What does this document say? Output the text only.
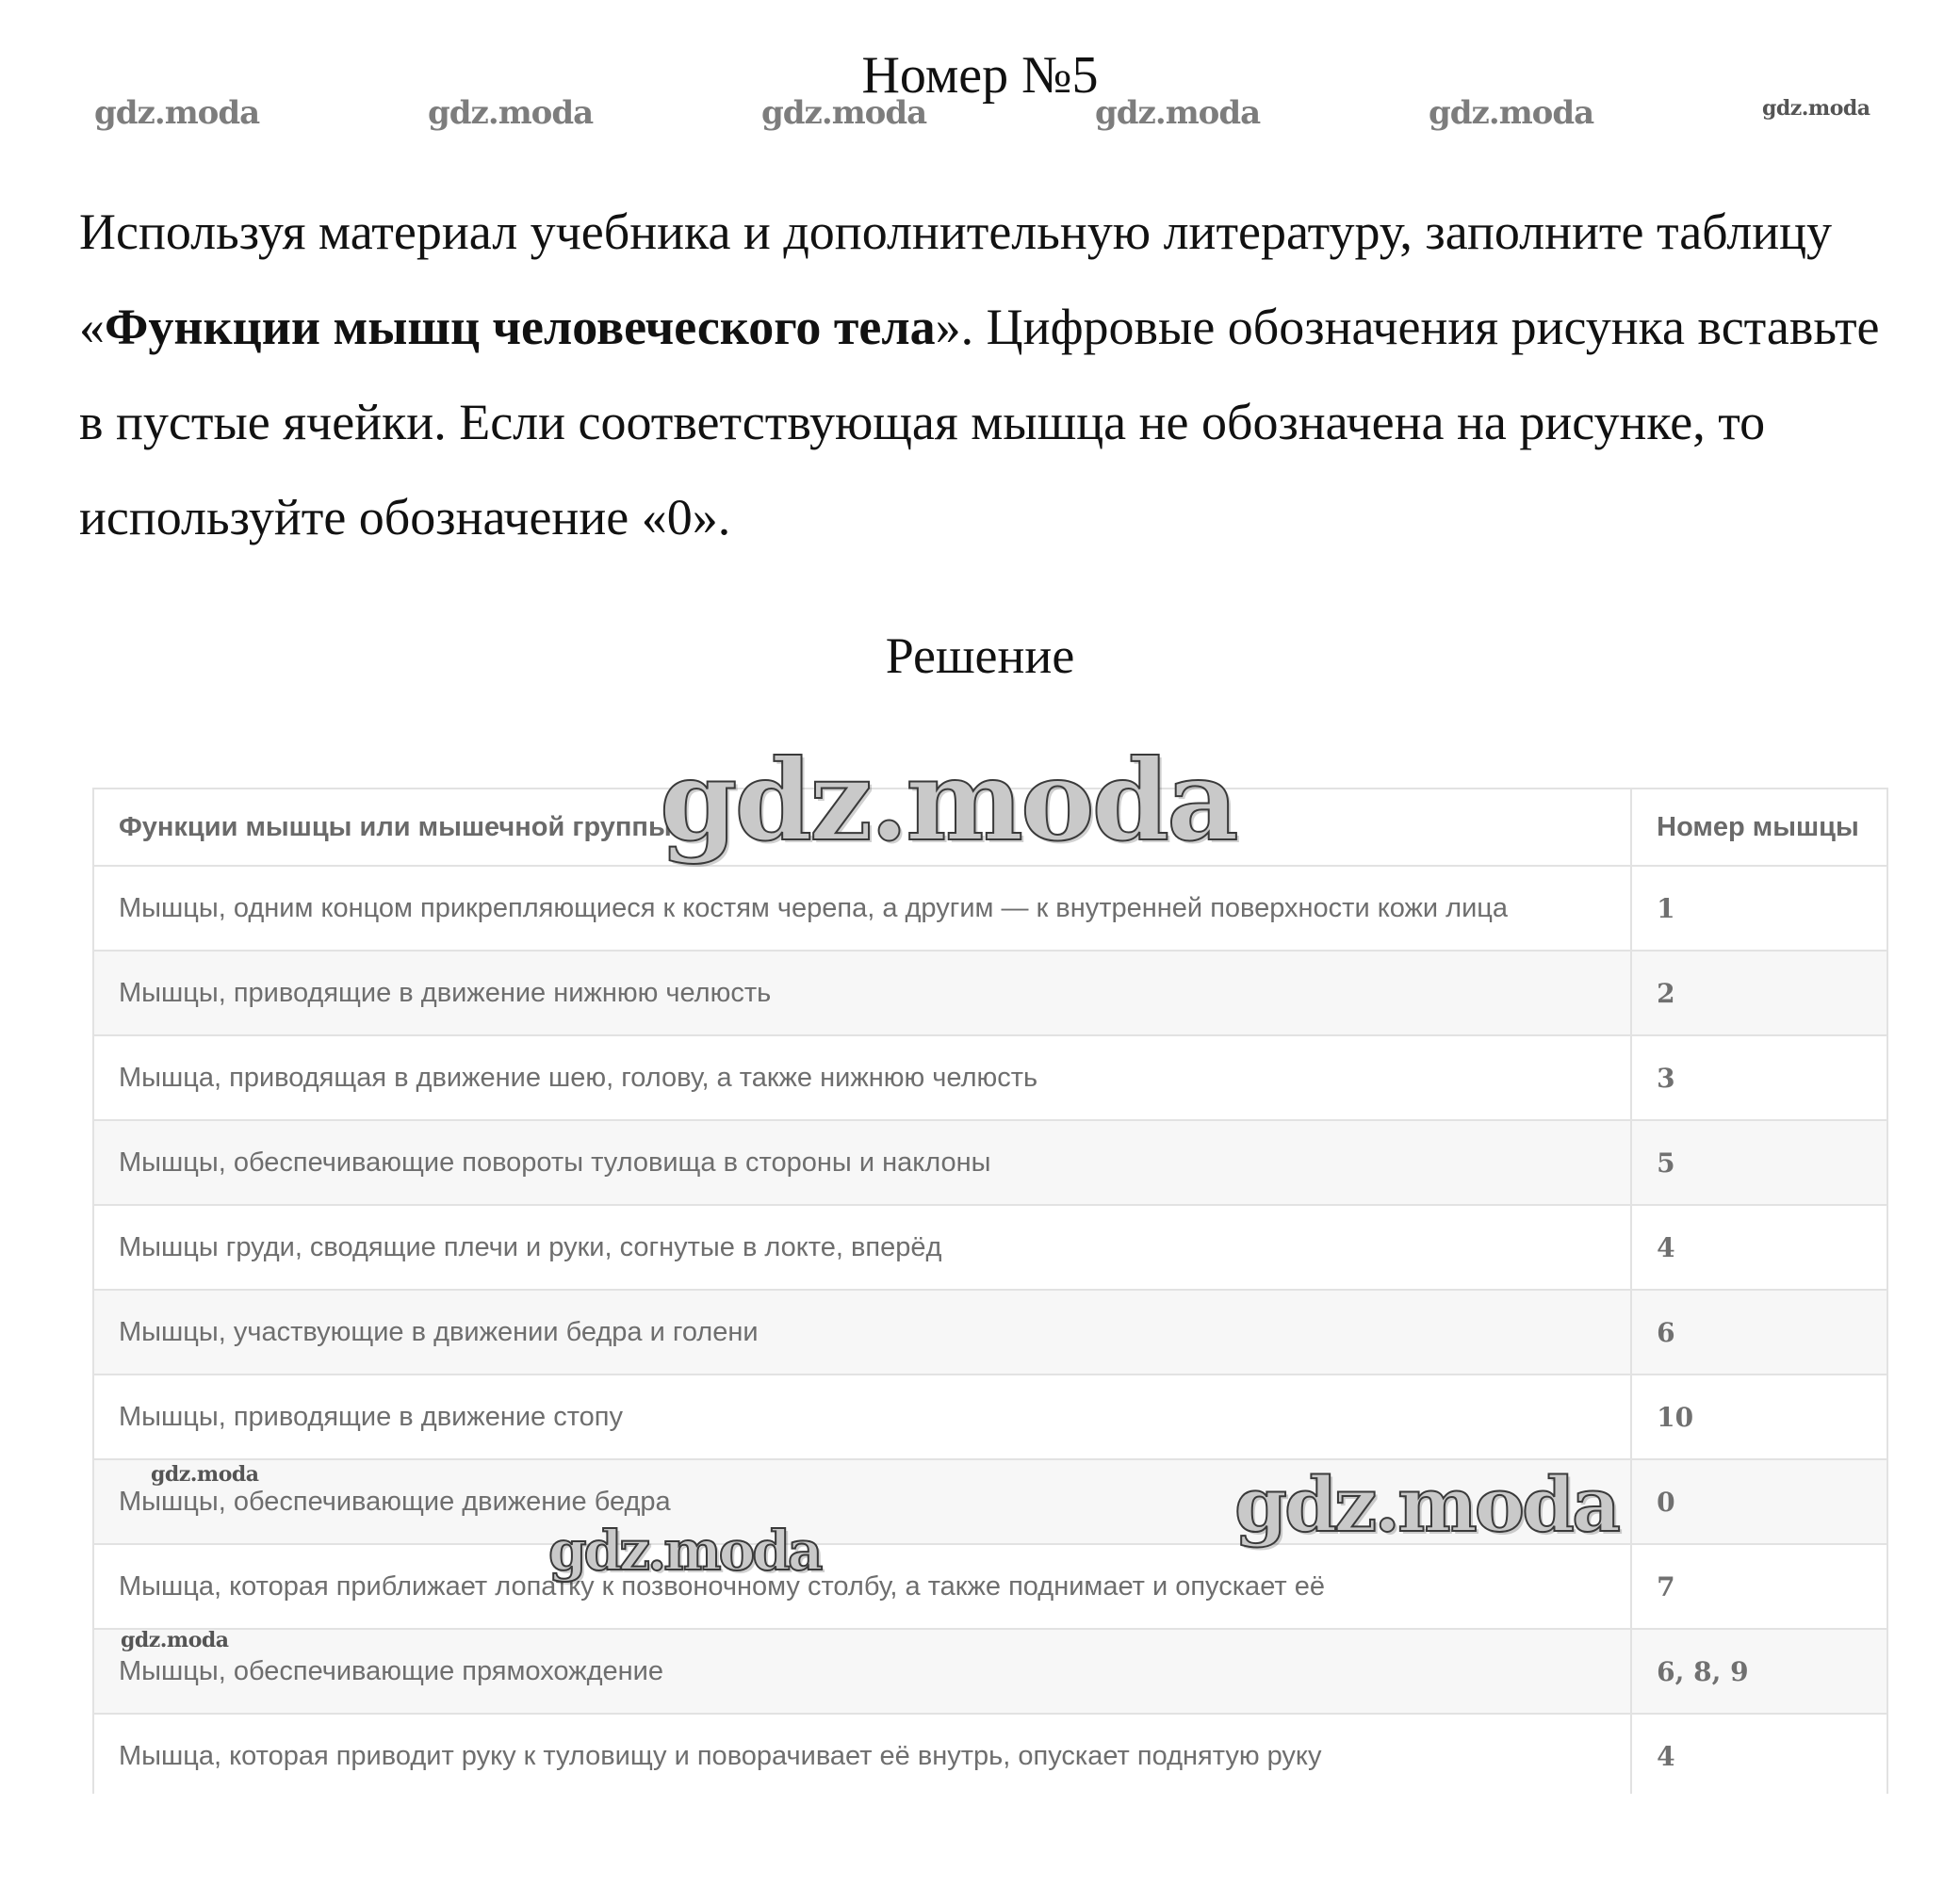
Номер №5
gdz.moda	gdz.moda	gdz.moda	gdz.moda	gdz.moda	gdz.moda
Используя материал учебника и дополнительную литературу, заполните таблицу «Функции мышц человеческого тела». Цифровые обозначения рисунка вставьте в пустые ячейки. Если соответствующая мышца не обозначена на рисунке, то используйте обозначение «0».
Решение
Функции мышцы или мышечной группы	Номер мышцы
Мышцы, одним концом прикрепляющиеся к костям черепа, а другим — к внутренней поверхности кожи лица	1
Мышцы, приводящие в движение нижнюю челюсть	2
Мышца, приводящая в движение шею, голову, а также нижнюю челюсть	3
Мышцы, обеспечивающие повороты туловища в стороны и наклоны	5
Мышцы груди, сводящие плечи и руки, согнутые в локте, вперёд	4
Мышцы, участвующие в движении бедра и голени	6
Мышцы, приводящие в движение стопу	10
Мышцы, обеспечивающие движение бедра	0
Мышца, которая приближает лопатку к позвоночному столбу, а также поднимает и опускает её	7
Мышцы, обеспечивающие прямохождение	6, 8, 9
Мышца, которая приводит руку к туловищу и поворачивает её внутрь, опускает поднятую руку	4
gdz.moda
gdz.moda
gdz.moda
gdz.moda
gdz.moda
